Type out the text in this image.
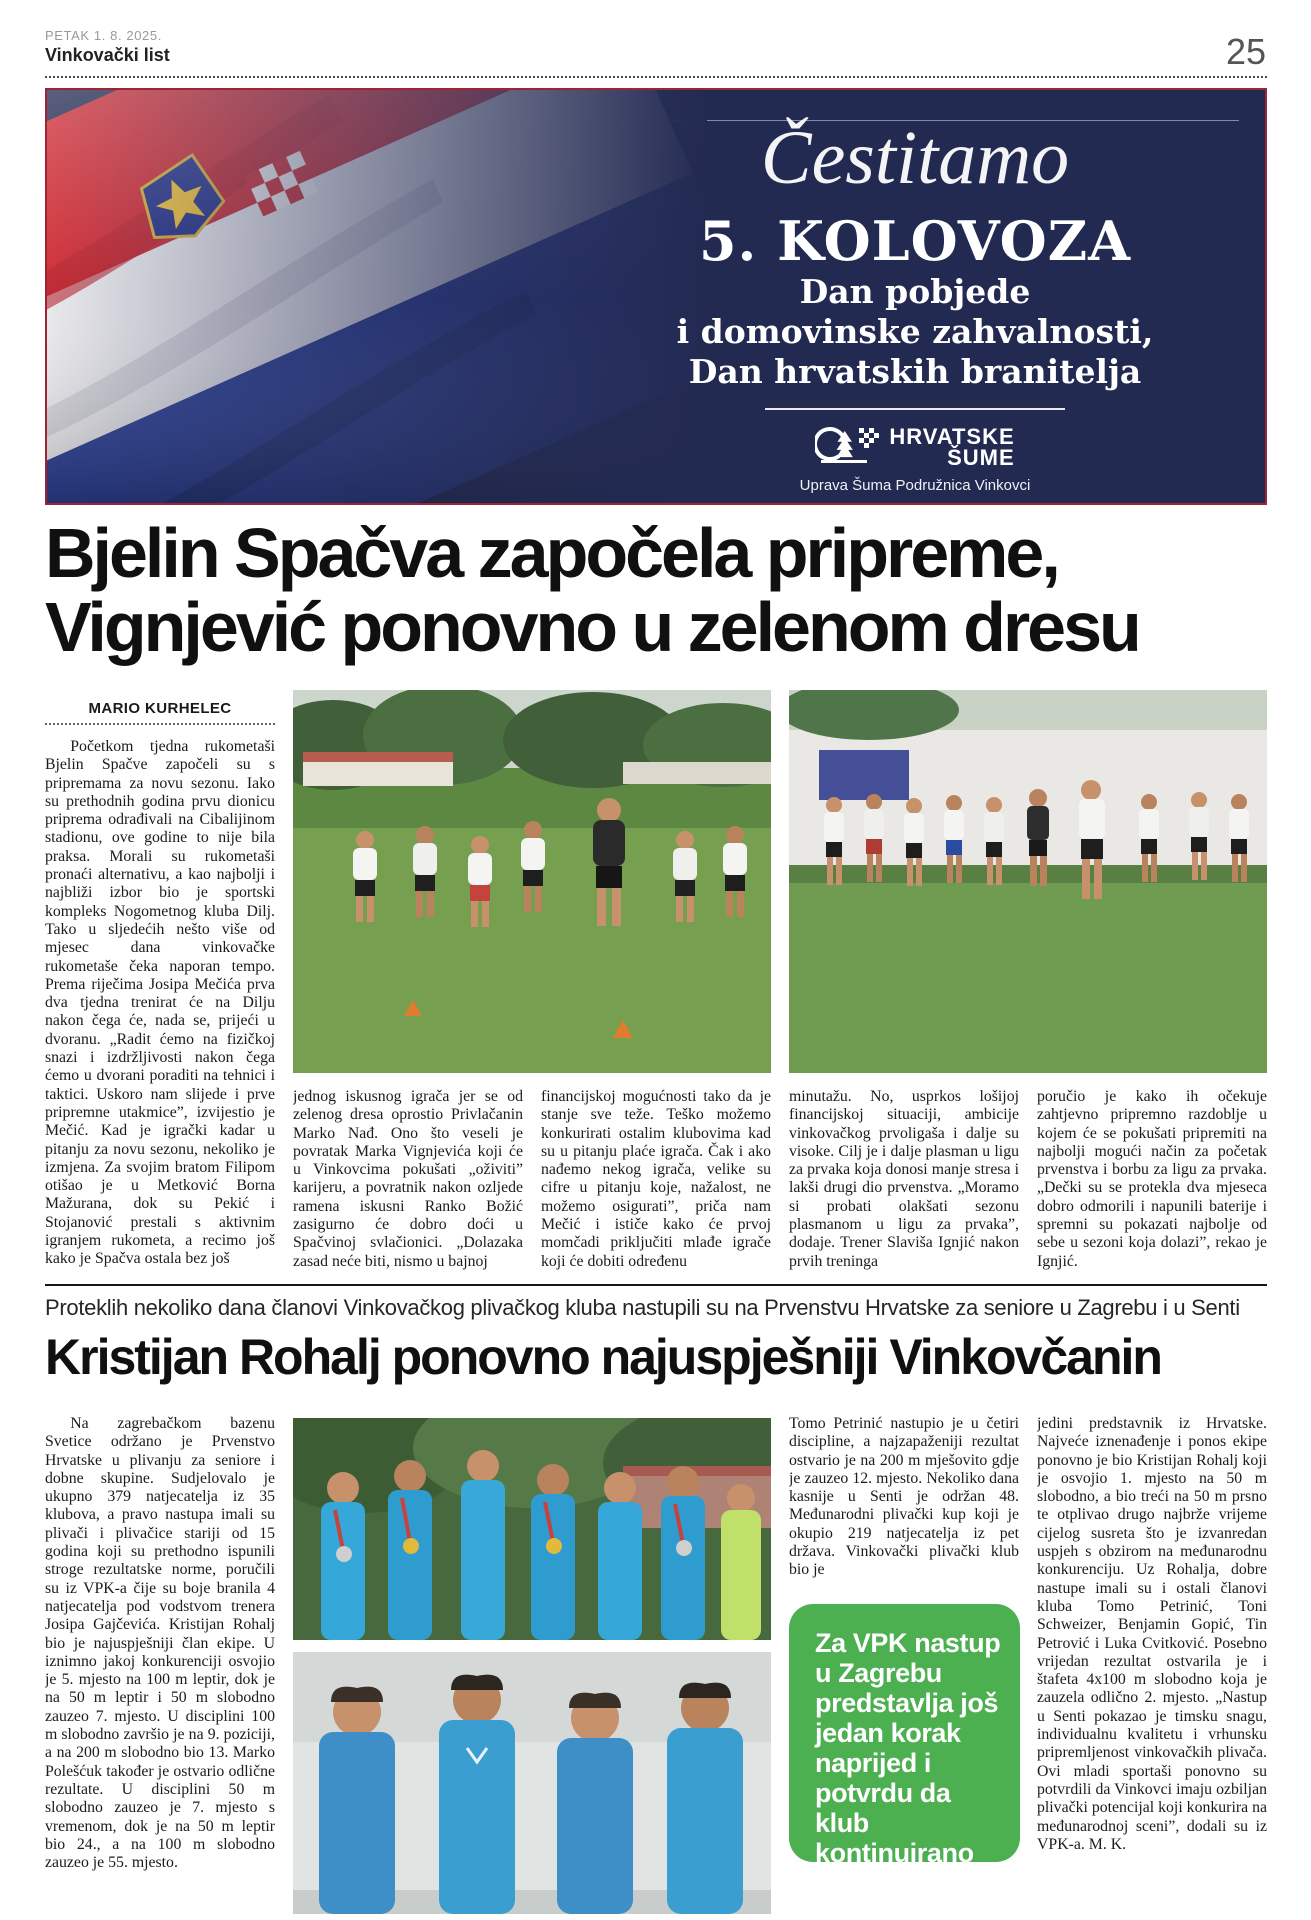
PETAK 1. 8. 2025.
Vinkovački list	25
Čestitamo
5. KOLOVOZA
Dan pobjede
i domovinske zahvalnosti,
Dan hrvatskih branitelja
HRVATSKE
ŠUME
Uprava Šuma Podružnica Vinkovci
Bjelin Spačva započela pripreme,
Vignjević ponovno u zelenom dresu
MARIO KURHELEC
Početkom tjedna rukometaši Bjelin Spačve započeli su s pripremama za novu sezonu. Iako su prethodnih godina prvu dionicu priprema odrađivali na Cibalijinom stadionu, ove godine to nije bila praksa. Morali su rukometaši pronaći alternativu, a kao najbolji i najbliži izbor bio je sportski kompleks Nogometnog kluba Dilj. Tako u sljedećih nešto više od mjesec dana vinkovačke rukometaše čeka naporan tempo. Prema riječima Josipa Mečića prva dva tjedna trenirat će na Dilju nakon čega će, nada se, prijeći u dvoranu. „Radit ćemo na fizičkoj snazi i izdržljivosti nakon čega ćemo u dvorani poraditi na tehnici i taktici. Uskoro nam slijede i prve pripremne utakmice”, izvijestio je Mečić. Kad je igrački kadar u pitanju za novu sezonu, nekoliko je izmjena. Za svojim bratom Filipom otišao je u Metković Borna Mažurana, dok su Pekić i Stojanović prestali s aktivnim igranjem rukometa, a recimo još kako je Spačva ostala bez još
jednog iskusnog igrača jer se od zelenog dresa oprostio Privlačanin Marko Nađ. Ono što veseli je povratak Marka Vignjevića koji će u Vinkovcima pokušati „oživiti” karijeru, a povratnik nakon ozljede ramena iskusni Ranko Božić zasigurno će dobro doći u Spačvinoj svlačionici. „Dolazaka zasad neće biti, nismo u bajnoj
financijskoj mogućnosti tako da je stanje sve teže. Teško možemo konkurirati ostalim klubovima kad su u pitanju plaće igrača. Čak i ako nađemo nekog igrača, velike su cifre u pitanju koje, nažalost, ne možemo osigurati”, priča nam Mečić i ističe kako će prvoj momčadi priključiti mlađe igrače koji će dobiti određenu
minutažu. No, usprkos lošijoj financijskoj situaciji, ambicije vinkovačkog prvoligaša i dalje su visoke. Cilj je i dalje plasman u ligu za prvaka koja donosi manje stresa i lakši drugi dio prvenstva. „Moramo si probati olakšati sezonu plasmanom u ligu za prvaka”, dodaje. Trener Slaviša Ignjić nakon prvih treninga
poručio je kako ih očekuje zahtjevno pripremno razdoblje u kojem će se pokušati pripremiti na najbolji mogući način za početak prvenstva i borbu za ligu za prvaka. „Dečki su se protekla dva mjeseca dobro odmorili i napunili baterije i spremni su pokazati najbolje od sebe u sezoni koja dolazi”, rekao je Ignjić.
Proteklih nekoliko dana članovi Vinkovačkog plivačkog kluba nastupili su na Prvenstvu Hrvatske za seniore u Zagrebu i u Senti
Kristijan Rohalj ponovno najuspješniji Vinkovčanin
Na zagrebačkom bazenu Svetice održano je Prvenstvo Hrvatske u plivanju za seniore i dobne skupine. Sudjelovalo je ukupno 379 natjecatelja iz 35 klubova, a pravo nastupa imali su plivači i plivačice stariji od 15 godina koji su prethodno ispunili stroge rezultatske norme, poručili su iz VPK-a čije su boje branila 4 natjecatelja pod vodstvom trenera Josipa Gajčevića. Kristijan Rohalj bio je najuspješniji član ekipe. U iznimno jakoj konkurenciji osvojio je 5. mjesto na 100 m leptir, dok je na 50 m leptir i 50 m slobodno zauzeo 7. mjesto. U disciplini 100 m slobodno završio je na 9. poziciji, a na 200 m slobodno bio 13. Marko Polešćuk također je ostvario odlične rezultate. U disciplini 50 m slobodno zauzeo je 7. mjesto s vremenom, dok je na 50 m leptir bio 24., a na 100 m slobodno zauzeo je 55. mjesto.
Tomo Petrinić nastupio je u četiri discipline, a najzapaženiji rezultat ostvario je na 200 m mješovito gdje je zauzeo 12. mjesto. Nekoliko dana kasnije u Senti je održan 48. Međunarodni plivački kup koji je okupio 219 natjecatelja iz pet država. Vinkovački plivački klub bio je
jedini predstavnik iz Hrvatske. Najveće iznenađenje i ponos ekipe ponovno je bio Kristijan Rohalj koji je osvojio 1. mjesto na 50 m slobodno, a bio treći na 50 m prsno te otplivao drugo najbrže vrijeme cijelog susreta što je izvanredan uspjeh s obzirom na međunarodnu konkurenciju. Uz Rohalja, dobre nastupe imali su i ostali članovi kluba Tomo Petrinić, Toni Schweizer, Benjamin Gopić, Tin Petrović i Luka Cvitković. Posebno vrijedan rezultat ostvarila je i štafeta 4x100 m slobodno koja je zauzela odlično 2. mjesto. „Nastup u Senti pokazao je timsku snagu, individualnu kvalitetu i vrhunsku pripremljenost vinkovačkih plivača. Ovi mladi sportaši ponovno su potvrdili da Vinkovci imaju ozbiljan plivački potencijal koji konkurira na međunarodnoj sceni”, dodali su iz VPK-a. M. K.
Za VPK nastup u Zagrebu predstavlja još jedan korak naprijed i potvrdu da klub kontinuirano raste
